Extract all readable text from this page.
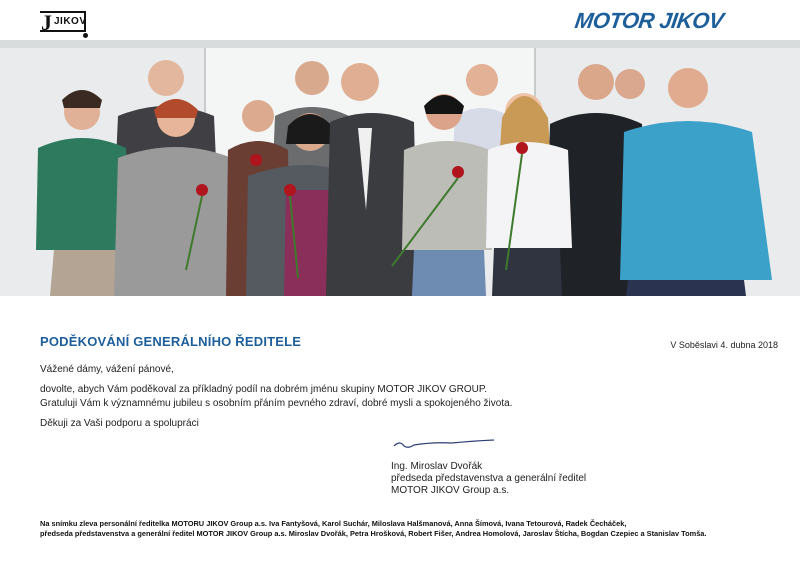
J JIKOV	MOTOR JIKOV
PODĚKOVÁNÍ GENERÁLNÍHO ŘEDITELE	V Soběslavi 4. dubna 2018
Vážené dámy, vážení pánové,
dovolte, abych Vám poděkoval za příkladný podíl na dobrém jménu skupiny MOTOR JIKOV GROUP.
Gratuluji Vám k významnému jubileu s osobním přáním pevného zdraví, dobré mysli a spokojeného života.
Děkuji za Vaši podporu a spolupráci
Ing. Miroslav Dvořák
předseda představenstva a generální ředitel
MOTOR JIKOV Group a.s.
Na snímku zleva personální ředitelka MOTORU JIKOV Group a.s. Iva Fantyšová, Karol Suchár, Miloslava Halšmanová, Anna Šímová, Ivana Tetourová, Radek Čecháček,
předseda představenstva a generální ředitel MOTOR JIKOV Group a.s. Miroslav Dvořák, Petra Hrošková, Robert Fišer, Andrea Homolová, Jaroslav Štícha, Bogdan Czepiec a Stanislav Tomša.
